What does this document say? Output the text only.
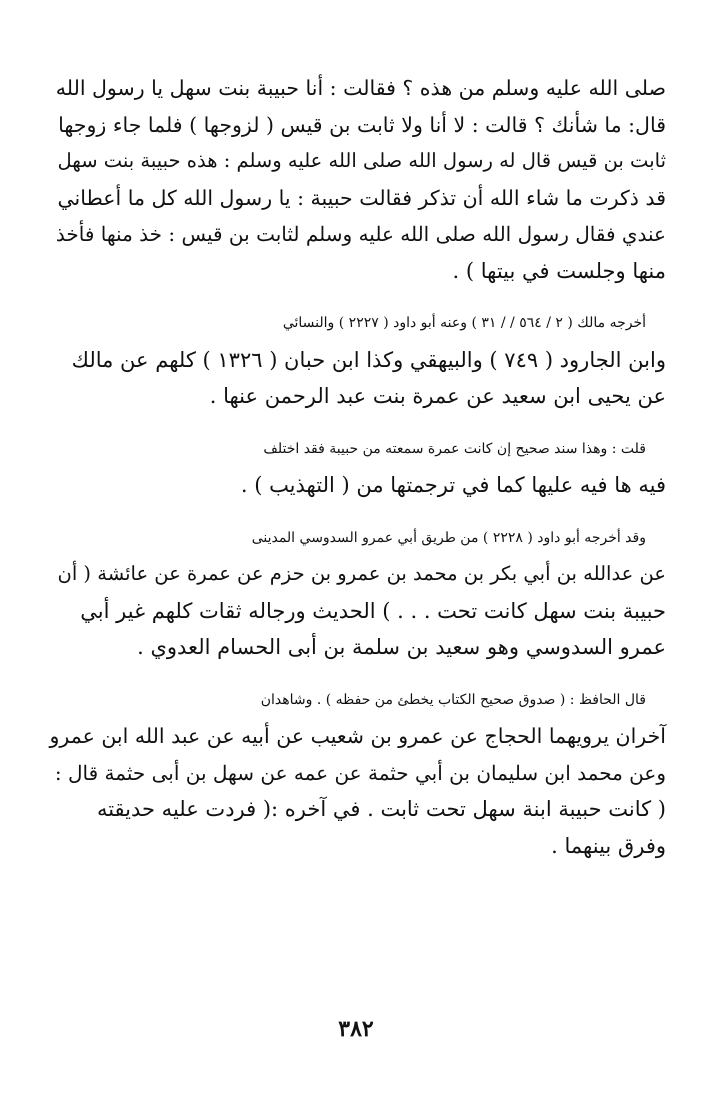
صلى الله عليه وسلم من هذه ؟ فقالت : أنا حبيبة بنت سهل يا رسول الله
قال: ما شأنك ؟ قالت : لا أنا ولا ثابت بن قيس ( لزوجها ) فلما جاء زوجها
ثابت بن قيس قال له رسول الله صلى الله عليه وسلم : هذه حبيبة بنت سهل
قد ذكرت ما شاء الله أن تذكر فقالت حبيبة : يا رسول الله كل ما أعطاني
عندي فقال رسول الله صلى الله عليه وسلم لثابت بن قيس : خذ منها فأخذ
منها وجلست في بيتها ) .
أخرجه مالك ( ٢ / ٥٦٤ / / ٣١ ) وعنه أبو داود ( ٢٢٢٧ ) والنسائي
وابن الجارود ( ٧٤٩ ) والبيهقي وكذا ابن حبان ( ١٣٢٦ ) كلهم عن مالك
عن يحيى ابن سعيد عن عمرة بنت عبد الرحمن عنها .
قلت : وهذا سند صحيح إن كانت عمرة سمعته من حبيبة فقد اختلف
فيه ها فيه عليها كما في ترجمتها من ( التهذيب ) .
وقد أخرجه أبو داود ( ٢٢٢٨ ) من طريق أبي عمرو السدوسي المدينى
عن عدالله بن أبي بكر بن محمد بن عمرو بن حزم عن عمرة عن عائشة ( أن
حبيبة بنت سهل كانت تحت . . . ) الحديث ورجاله ثقات كلهم غير أبي
عمرو السدوسي وهو سعيد بن سلمة بن أبى الحسام العدوي .
قال الحافظ : ( صدوق صحيح الكتاب يخطئ من حفظه ) . وشاهدان
آخران يرويهما الحجاج عن عمرو بن شعيب عن أبيه عن عبد الله ابن عمرو
وعن محمد ابن سليمان بن أبي حثمة عن عمه عن سهل بن أبى حثمة قال :
( كانت حبيبة ابنة سهل تحت ثابت . في آخره :( فردت عليه حديقته
وفرق بينهما .
٣٨٢
